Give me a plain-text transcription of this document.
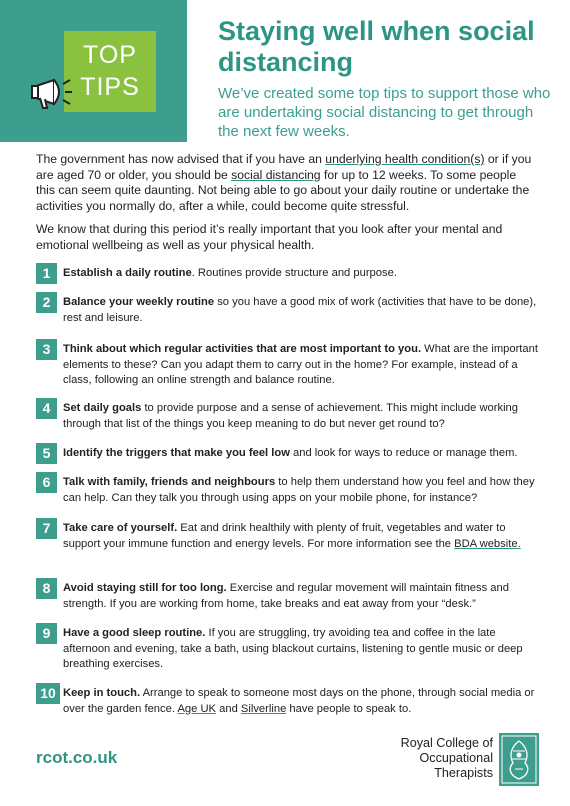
TOP
TIPS
Staying well when social distancing
We’ve created some top tips to support those who are undertaking social distancing to get through the next few weeks.
The government has now advised that if you have an underlying health condition(s) or if you are aged 70 or older, you should be social distancing for up to 12 weeks. To some people this can seem quite daunting. Not being able to go about your daily routine or undertake the activities you normally do, after a while, could become quite stressful.
We know that during this period it’s really important that you look after your mental and emotional wellbeing as well as your physical health.
1	Establish a daily routine. Routines provide structure and purpose.
2	Balance your weekly routine so you have a good mix of work (activities that have to be done), rest and leisure.
3	Think about which regular activities that are most important to you. What are the important elements to these? Can you adapt them to carry out in the home? For example, instead of a class, following an online strength and balance routine.
4	Set daily goals to provide purpose and a sense of achievement. This might include working through that list of the things you keep meaning to do but never get round to?
5	Identify the triggers that make you feel low and look for ways to reduce or manage them.
6	Talk with family, friends and neighbours to help them understand how you feel and how they can help. Can they talk you through using apps on your mobile phone, for instance?
7	Take care of yourself. Eat and drink healthily with plenty of fruit, vegetables and water to support your immune function and energy levels. For more information see the BDA website.
8	Avoid staying still for too long. Exercise and regular movement will maintain fitness and strength. If you are working from home, take breaks and eat away from your “desk.”
9	Have a good sleep routine. If you are struggling, try avoiding tea and coffee in the late afternoon and evening, take a bath, using blackout curtains, listening to gentle music or deep breathing exercises.
10 Keep in touch. Arrange to speak to someone most days on the phone, through social media or over the garden fence. Age UK and Silverline have people to speak to.
rcot.co.uk
Royal College of
Occupational
Therapists
